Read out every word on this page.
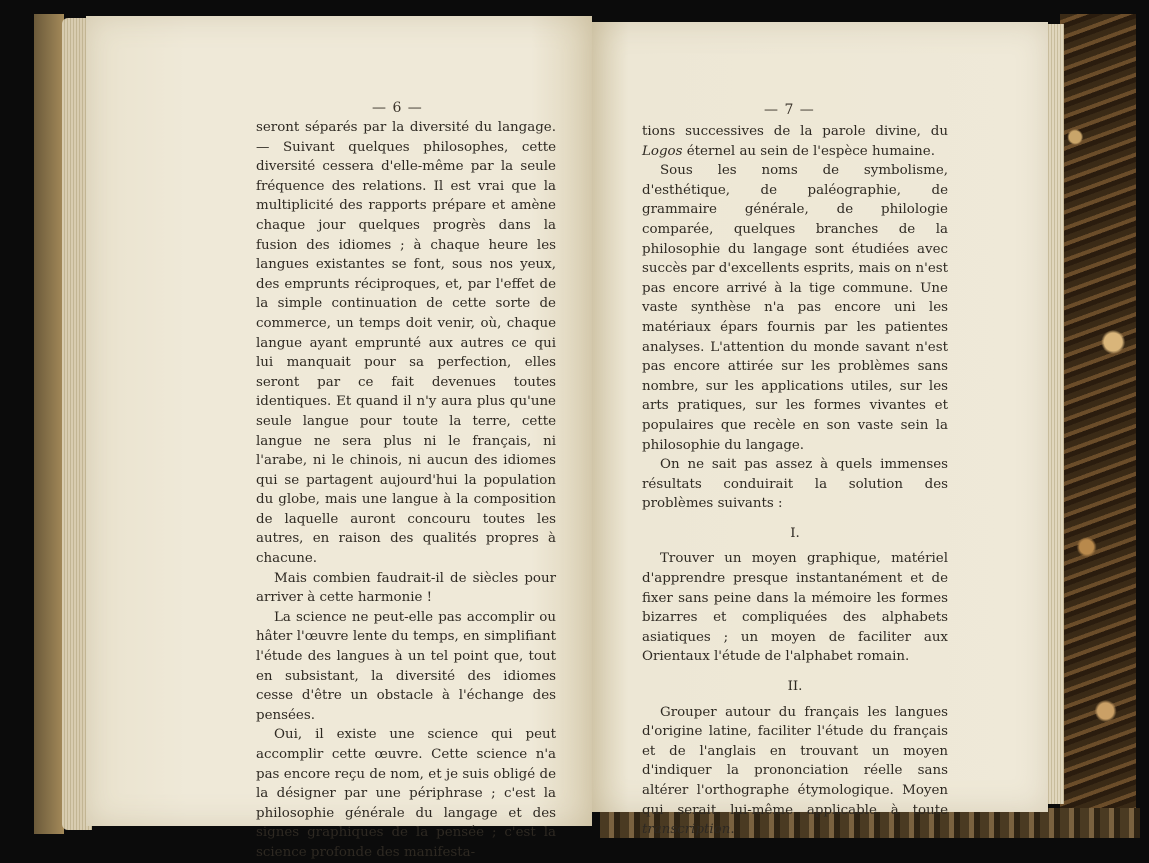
— 6 —

seront séparés par la diversité du langage. — Suivant quelques philosophes, cette diversité cessera d'elle-même par la seule fréquence des relations. Il est vrai que la multiplicité des rapports prépare et amène chaque jour quelques progrès dans la fusion des idiomes ; à chaque heure les langues existantes se font, sous nos yeux, des emprunts réciproques, et, par l'effet de la simple continuation de cette sorte de commerce, un temps doit venir, où, chaque langue ayant emprunté aux autres ce qui lui manquait pour sa perfection, elles seront par ce fait devenues toutes identiques. Et quand il n'y aura plus qu'une seule langue pour toute la terre, cette langue ne sera plus ni le français, ni l'arabe, ni le chinois, ni aucun des idiomes qui se partagent aujourd'hui la population du globe, mais une langue à la composition de laquelle auront concouru toutes les autres, en raison des qualités propres à chacune.

Mais combien faudrait-il de siècles pour arriver à cette harmonie !

La science ne peut-elle pas accomplir ou hâter l'œuvre lente du temps, en simplifiant l'étude des langues à un tel point que, tout en subsistant, la diversité des idiomes cesse d'être un obstacle à l'échange des pensées.

Oui, il existe une science qui peut accomplir cette œuvre. Cette science n'a pas encore reçu de nom, et je suis obligé de la désigner par une périphrase ; c'est la philosophie générale du langage et des signes graphiques de la pensée ; c'est la science profonde des manifesta-

— 7 —

tions successives de la parole divine, du Logos éternel au sein de l'espèce humaine.

Sous les noms de symbolisme, d'esthétique, de paléographie, de grammaire générale, de philologie comparée, quelques branches de la philosophie du langage sont étudiées avec succès par d'excellents esprits, mais on n'est pas encore arrivé à la tige commune. Une vaste synthèse n'a pas encore uni les matériaux épars fournis par les patientes analyses. L'attention du monde savant n'est pas encore attirée sur les problèmes sans nombre, sur les applications utiles, sur les arts pratiques, sur les formes vivantes et populaires que recèle en son vaste sein la philosophie du langage.

On ne sait pas assez à quels immenses résultats conduirait la solution des problèmes suivants :

I.

Trouver un moyen graphique, matériel d'apprendre presque instantanément et de fixer sans peine dans la mémoire les formes bizarres et compliquées des alphabets asiatiques ; un moyen de faciliter aux Orientaux l'étude de l'alphabet romain.

II.

Grouper autour du français les langues d'origine latine, faciliter l'étude du français et de l'anglais en trouvant un moyen d'indiquer la prononciation réelle sans altérer l'orthographe étymologique. Moyen qui serait lui-même applicable à toute transcription.
